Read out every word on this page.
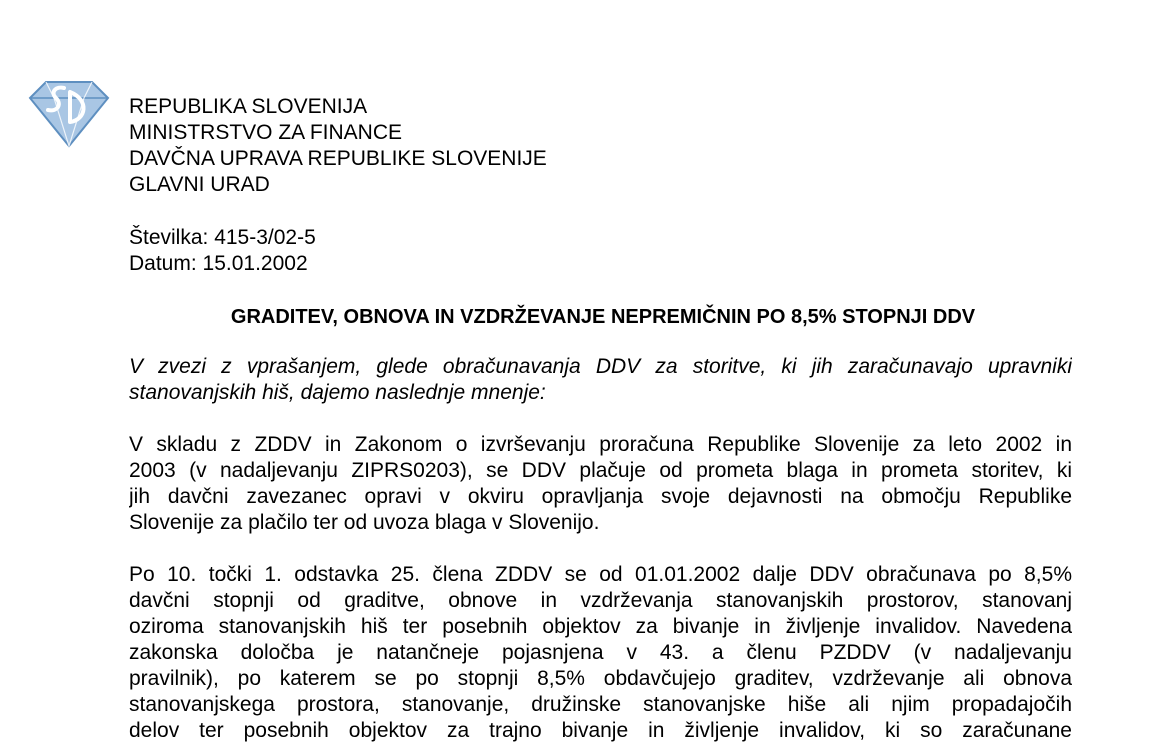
REPUBLIKA SLOVENIJA
MINISTRSTVO ZA FINANCE
DAVČNA UPRAVA REPUBLIKE SLOVENIJE
GLAVNI URAD
Številka: 415-3/02-5
Datum: 15.01.2002
GRADITEV, OBNOVA IN VZDRŽEVANJE NEPREMIČNIN PO 8,5% STOPNJI DDV
V zvezi z vprašanjem, glede obračunavanja DDV za storitve, ki jih zaračunavajo upravniki
stanovanjskih hiš, dajemo naslednje mnenje:
V skladu z ZDDV in Zakonom o izvrševanju proračuna Republike Slovenije za leto 2002 in
2003 (v nadaljevanju ZIPRS0203), se DDV plačuje od prometa blaga in prometa storitev, ki
jih davčni zavezanec opravi v okviru opravljanja svoje dejavnosti na območju Republike
Slovenije za plačilo ter od uvoza blaga v Slovenijo.
Po 10. točki 1. odstavka 25. člena ZDDV se od 01.01.2002 dalje DDV obračunava po 8,5%
davčni stopnji od graditve, obnove in vzdrževanja stanovanjskih prostorov, stanovanj
oziroma stanovanjskih hiš ter posebnih objektov za bivanje in življenje invalidov. Navedena
zakonska določba je natančneje pojasnjena v 43. a členu PZDDV (v nadaljevanju
pravilnik), po katerem se po stopnji 8,5% obdavčujejo graditev, vzdrževanje ali obnova
stanovanjskega prostora, stanovanje, družinske stanovanjske hiše ali njim propadajočih
delov ter posebnih objektov za trajno bivanje in življenje invalidov, ki so zaračunane
